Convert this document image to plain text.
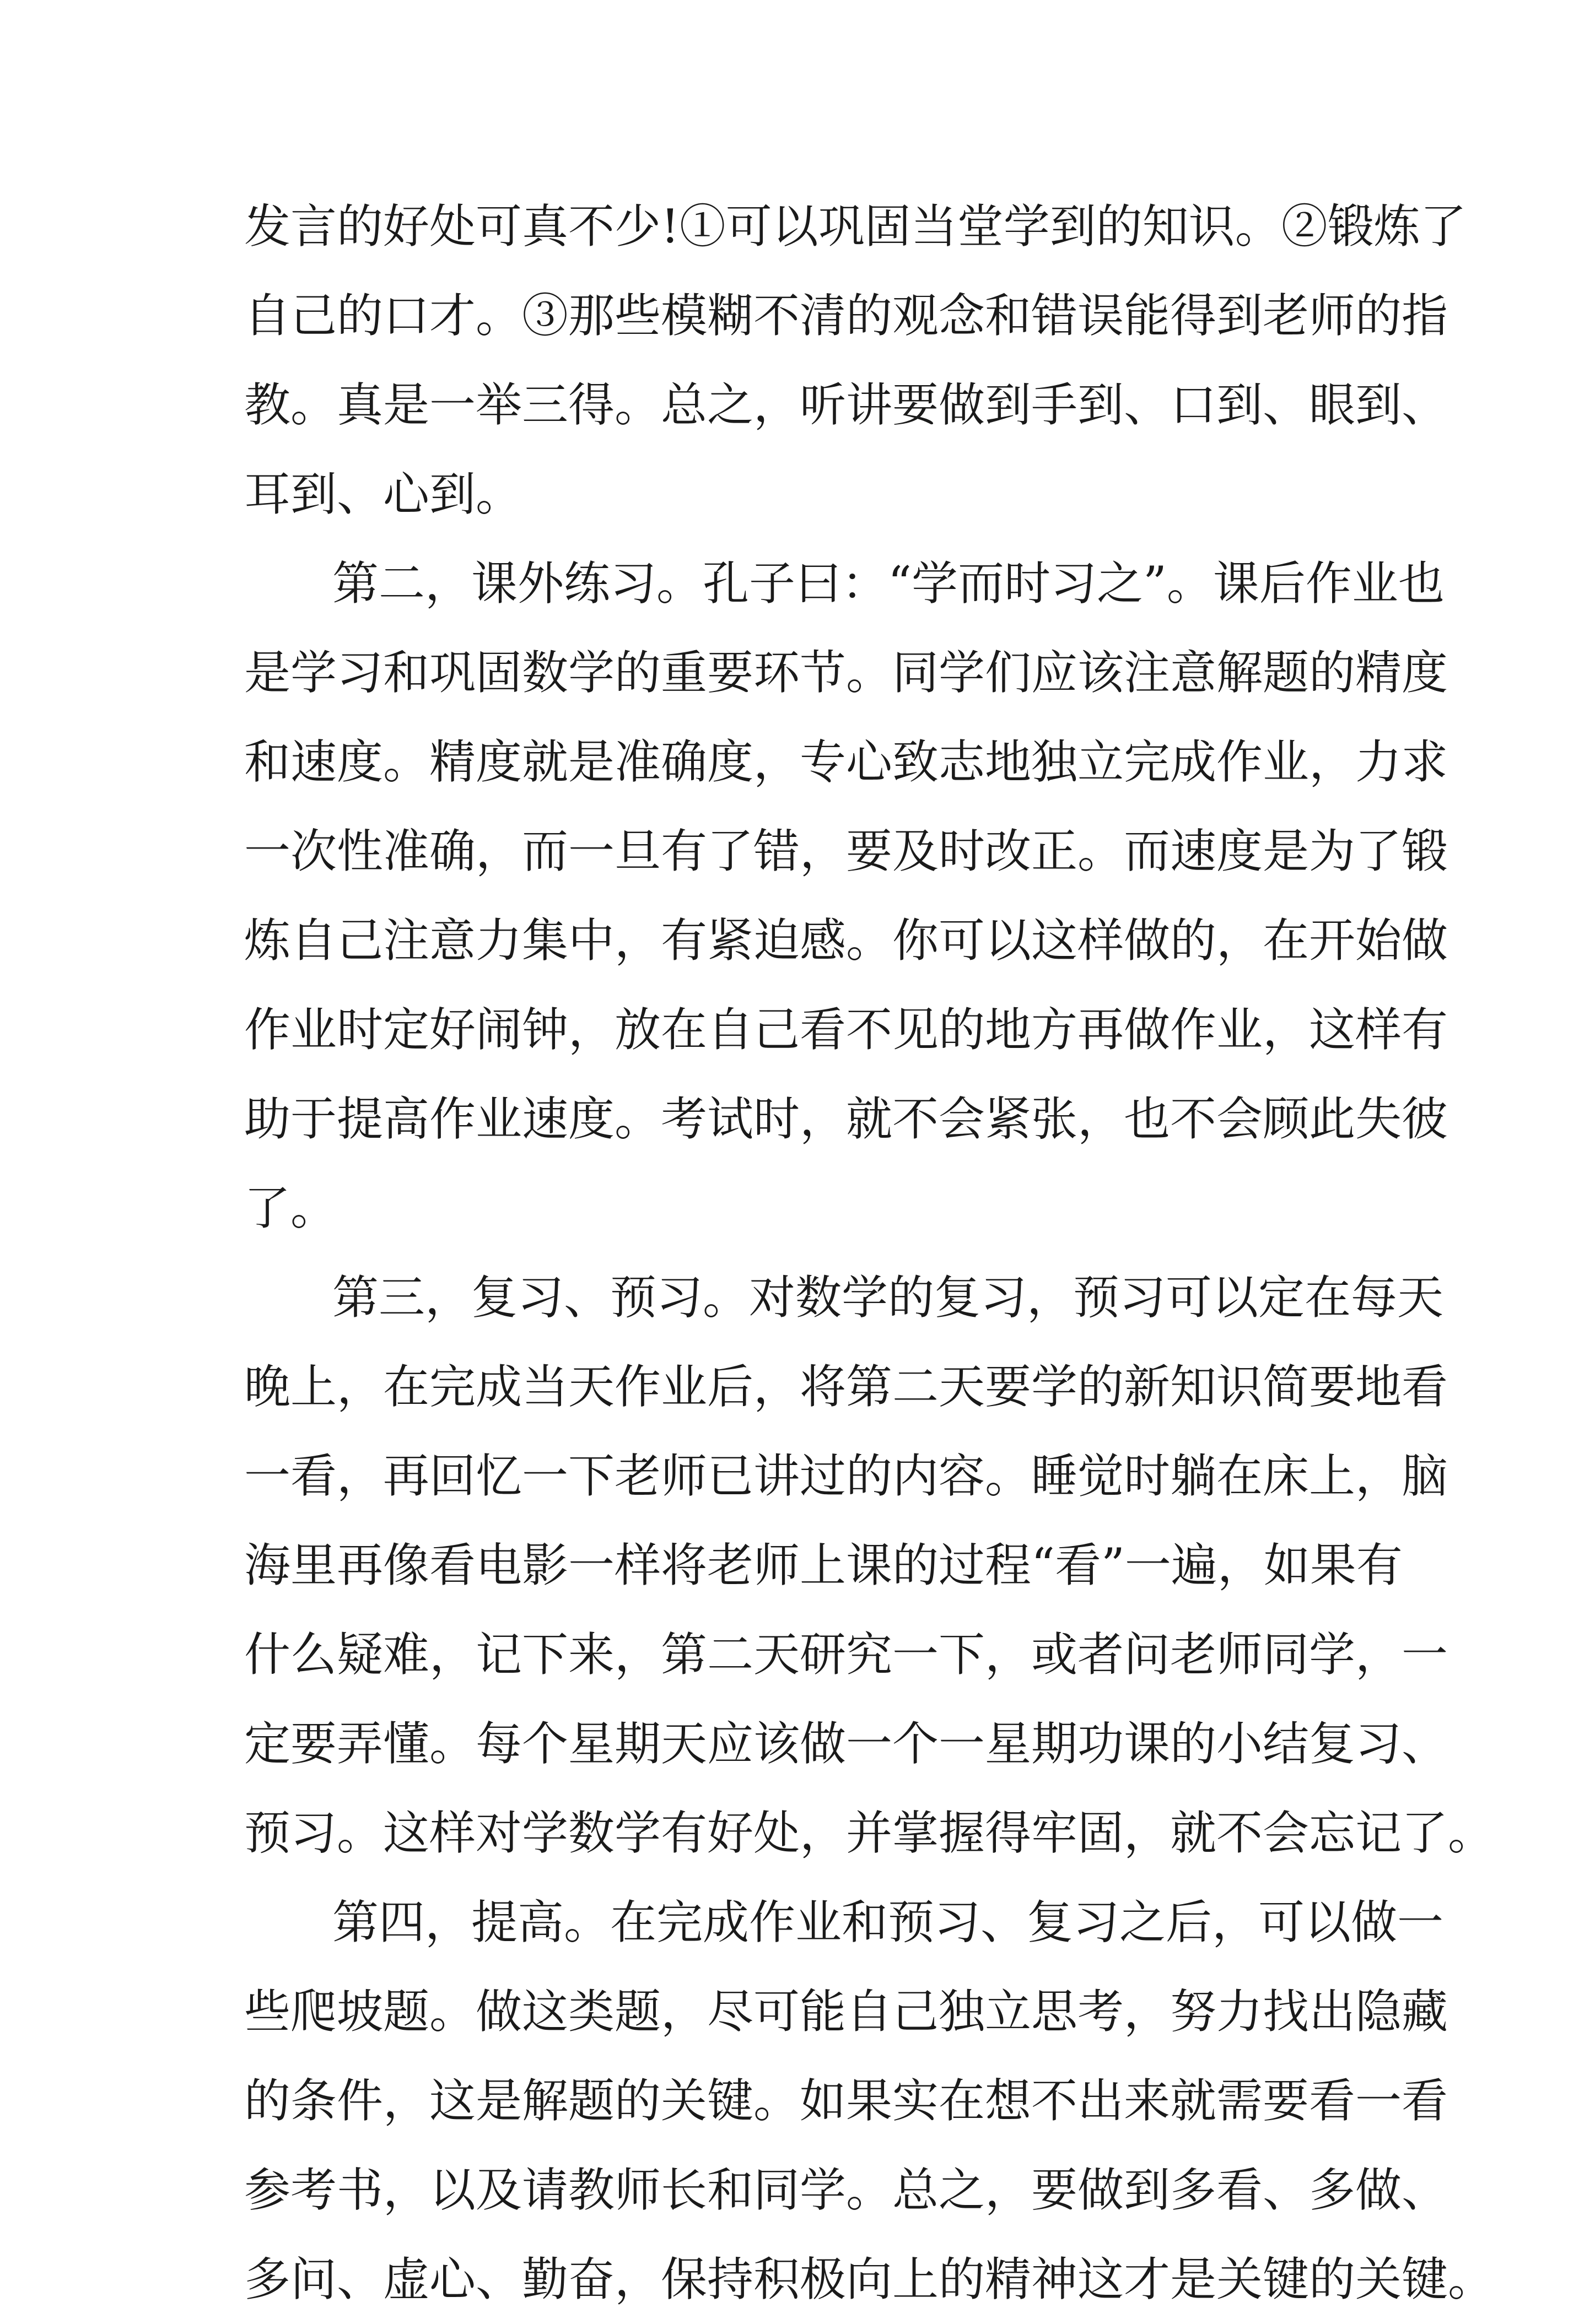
发言的好处可真不少!①可以巩固当堂学到的知识。②锻炼了
自己的口才。③那些模糊不清的观念和错误能得到老师的指
教。真是一举三得。总之，听讲要做到手到、口到、眼到、
耳到、心到。
第二，课外练习。孔子曰：“学而时习之”。课后作业也
是学习和巩固数学的重要环节。同学们应该注意解题的精度
和速度。精度就是准确度，专心致志地独立完成作业，力求
一次性准确，而一旦有了错，要及时改正。而速度是为了锻
炼自己注意力集中，有紧迫感。你可以这样做的，在开始做
作业时定好闹钟，放在自己看不见的地方再做作业，这样有
助于提高作业速度。考试时，就不会紧张，也不会顾此失彼
了。
第三，复习、预习。对数学的复习，预习可以定在每天
晚上，在完成当天作业后，将第二天要学的新知识简要地看
一看，再回忆一下老师已讲过的内容。睡觉时躺在床上，脑
海里再像看电影一样将老师上课的过程“看”一遍，如果有
什么疑难，记下来，第二天研究一下，或者问老师同学，一
定要弄懂。每个星期天应该做一个一星期功课的小结复习、
预习。这样对学数学有好处，并掌握得牢固，就不会忘记了。
第四，提高。在完成作业和预习、复习之后，可以做一
些爬坡题。做这类题，尽可能自己独立思考，努力找出隐藏
的条件，这是解题的关键。如果实在想不出来就需要看一看
参考书，以及请教师长和同学。总之，要做到多看、多做、
多问、虚心、勤奋，保持积极向上的精神这才是关键的关键。
